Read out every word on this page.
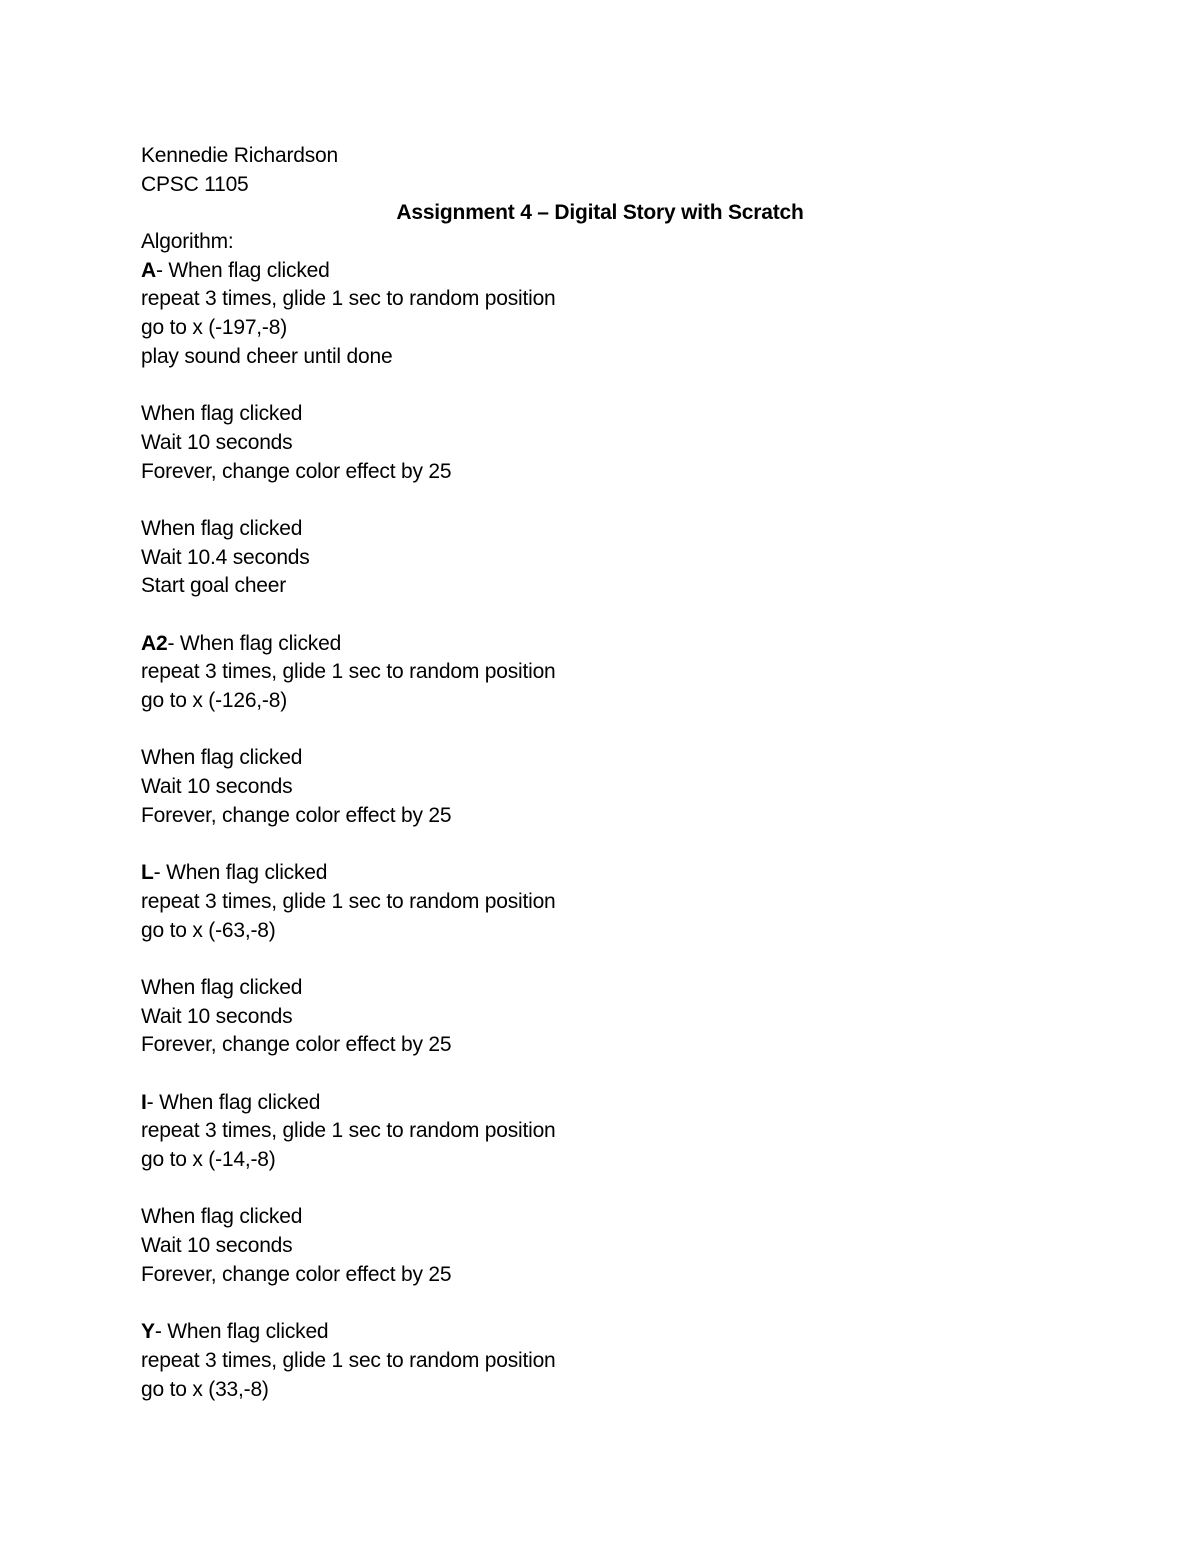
Kennedie Richardson
CPSC 1105
Assignment 4 – Digital Story with Scratch
Algorithm:
A- When flag clicked
repeat 3 times, glide 1 sec to random position
go to x (-197,-8)
play sound cheer until done
When flag clicked
Wait 10 seconds
Forever, change color effect by 25
When flag clicked
Wait 10.4 seconds
Start goal cheer
A2- When flag clicked
repeat 3 times, glide 1 sec to random position
go to x (-126,-8)
When flag clicked
Wait 10 seconds
Forever, change color effect by 25
L- When flag clicked
repeat 3 times, glide 1 sec to random position
go to x (-63,-8)
When flag clicked
Wait 10 seconds
Forever, change color effect by 25
I- When flag clicked
repeat 3 times, glide 1 sec to random position
go to x (-14,-8)
When flag clicked
Wait 10 seconds
Forever, change color effect by 25
Y- When flag clicked
repeat 3 times, glide 1 sec to random position
go to x (33,-8)
